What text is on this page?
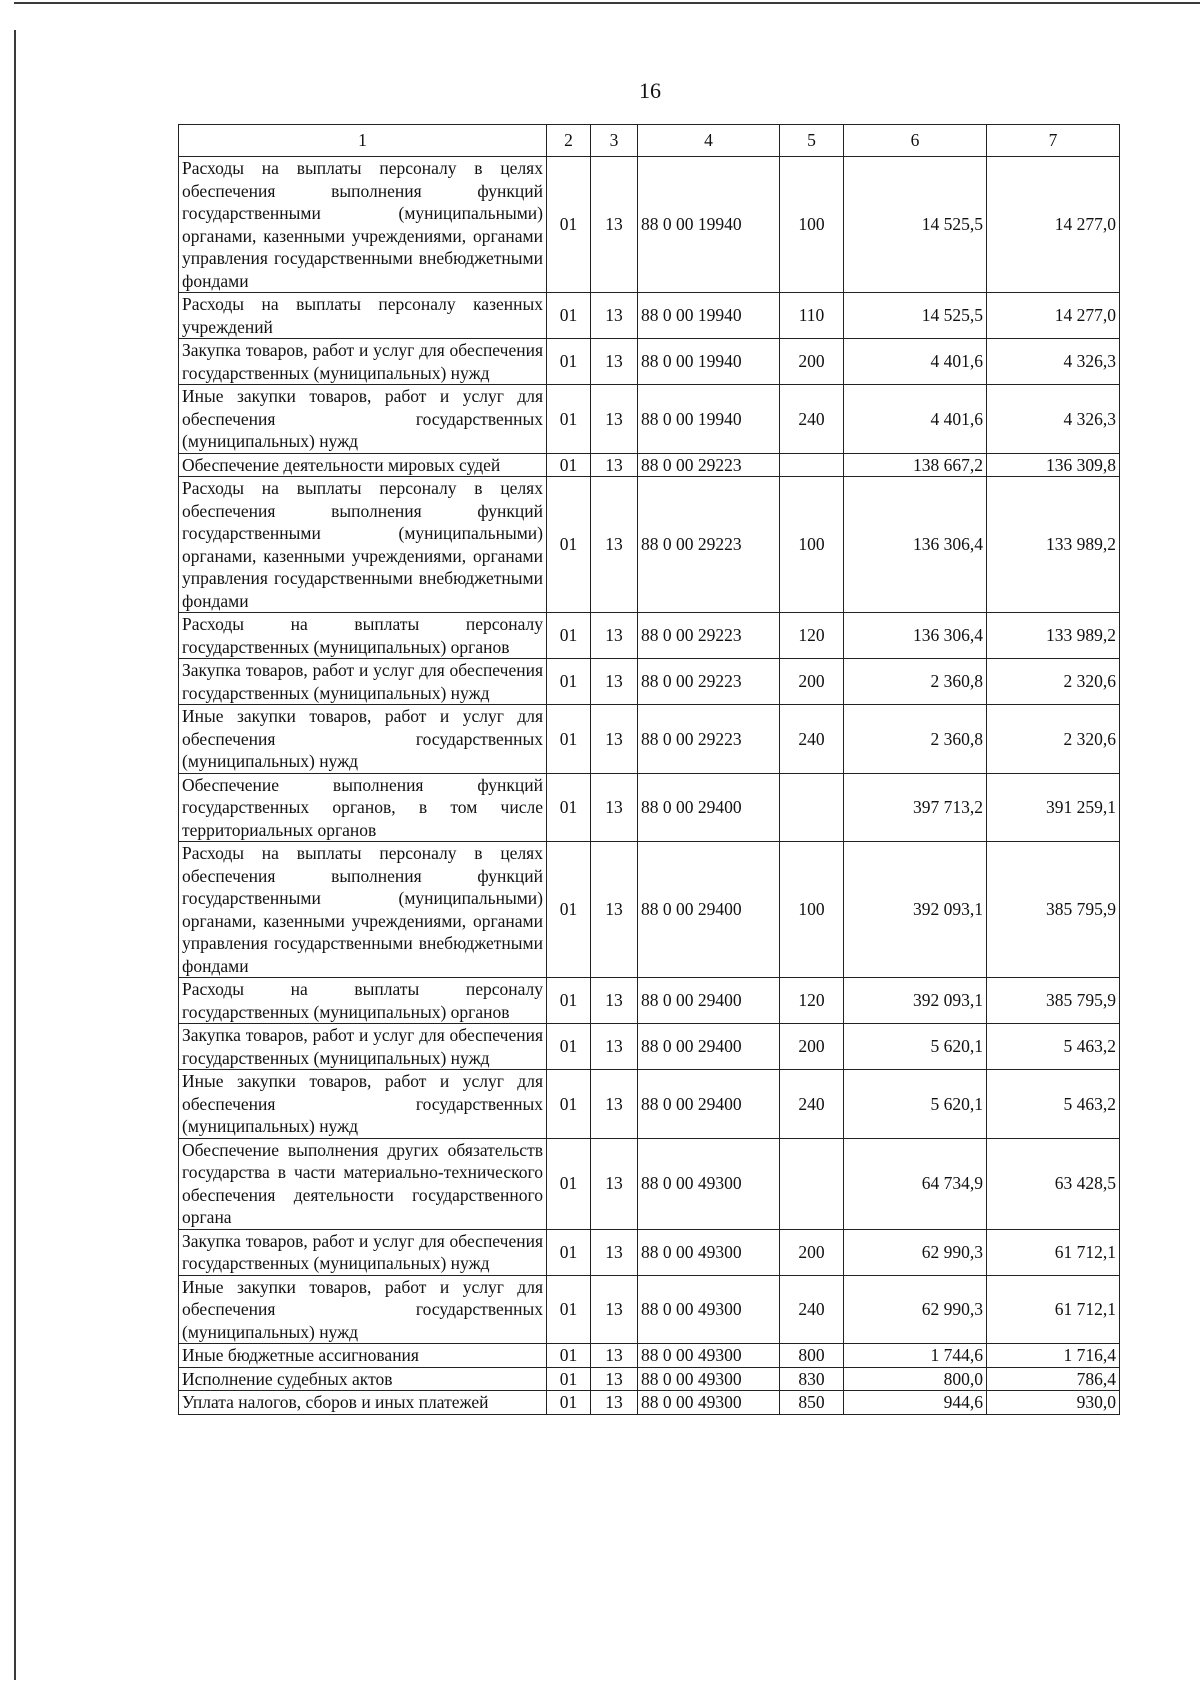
16
1	2	3	4	5	6	7
Расходы на выплаты персоналу в целях обеспечения выполнения функций государственными (муниципальными) органами, казенными учреждениями, органами управления государственными внебюджетными фондами	01	13	88 0 00 19940	100	14 525,5	14 277,0
Расходы на выплаты персоналу казенных учреждений	01	13	88 0 00 19940	110	14 525,5	14 277,0
Закупка товаров, работ и услуг для обеспечения государственных (муниципальных) нужд	01	13	88 0 00 19940	200	4 401,6	4 326,3
Иные закупки товаров, работ и услуг для обеспечения государственных (муниципальных) нужд	01	13	88 0 00 19940	240	4 401,6	4 326,3
Обеспечение деятельности мировых судей	01	13	88 0 00 29223		138 667,2	136 309,8
Расходы на выплаты персоналу в целях обеспечения выполнения функций государственными (муниципальными) органами, казенными учреждениями, органами управления государственными внебюджетными фондами	01	13	88 0 00 29223	100	136 306,4	133 989,2
Расходы на выплаты персоналу государственных (муниципальных) органов	01	13	88 0 00 29223	120	136 306,4	133 989,2
Закупка товаров, работ и услуг для обеспечения государственных (муниципальных) нужд	01	13	88 0 00 29223	200	2 360,8	2 320,6
Иные закупки товаров, работ и услуг для обеспечения государственных (муниципальных) нужд	01	13	88 0 00 29223	240	2 360,8	2 320,6
Обеспечение выполнения функций государственных органов, в том числе территориальных органов	01	13	88 0 00 29400		397 713,2	391 259,1
Расходы на выплаты персоналу в целях обеспечения выполнения функций государственными (муниципальными) органами, казенными учреждениями, органами управления государственными внебюджетными фондами	01	13	88 0 00 29400	100	392 093,1	385 795,9
Расходы на выплаты персоналу государственных (муниципальных) органов	01	13	88 0 00 29400	120	392 093,1	385 795,9
Закупка товаров, работ и услуг для обеспечения государственных (муниципальных) нужд	01	13	88 0 00 29400	200	5 620,1	5 463,2
Иные закупки товаров, работ и услуг для обеспечения государственных (муниципальных) нужд	01	13	88 0 00 29400	240	5 620,1	5 463,2
Обеспечение выполнения других обязательств государства в части материально-технического обеспечения деятельности государственного органа	01	13	88 0 00 49300		64 734,9	63 428,5
Закупка товаров, работ и услуг для обеспечения государственных (муниципальных) нужд	01	13	88 0 00 49300	200	62 990,3	61 712,1
Иные закупки товаров, работ и услуг для обеспечения государственных (муниципальных) нужд	01	13	88 0 00 49300	240	62 990,3	61 712,1
Иные бюджетные ассигнования	01	13	88 0 00 49300	800	1 744,6	1 716,4
Исполнение судебных актов	01	13	88 0 00 49300	830	800,0	786,4
Уплата налогов, сборов и иных платежей	01	13	88 0 00 49300	850	944,6	930,0
